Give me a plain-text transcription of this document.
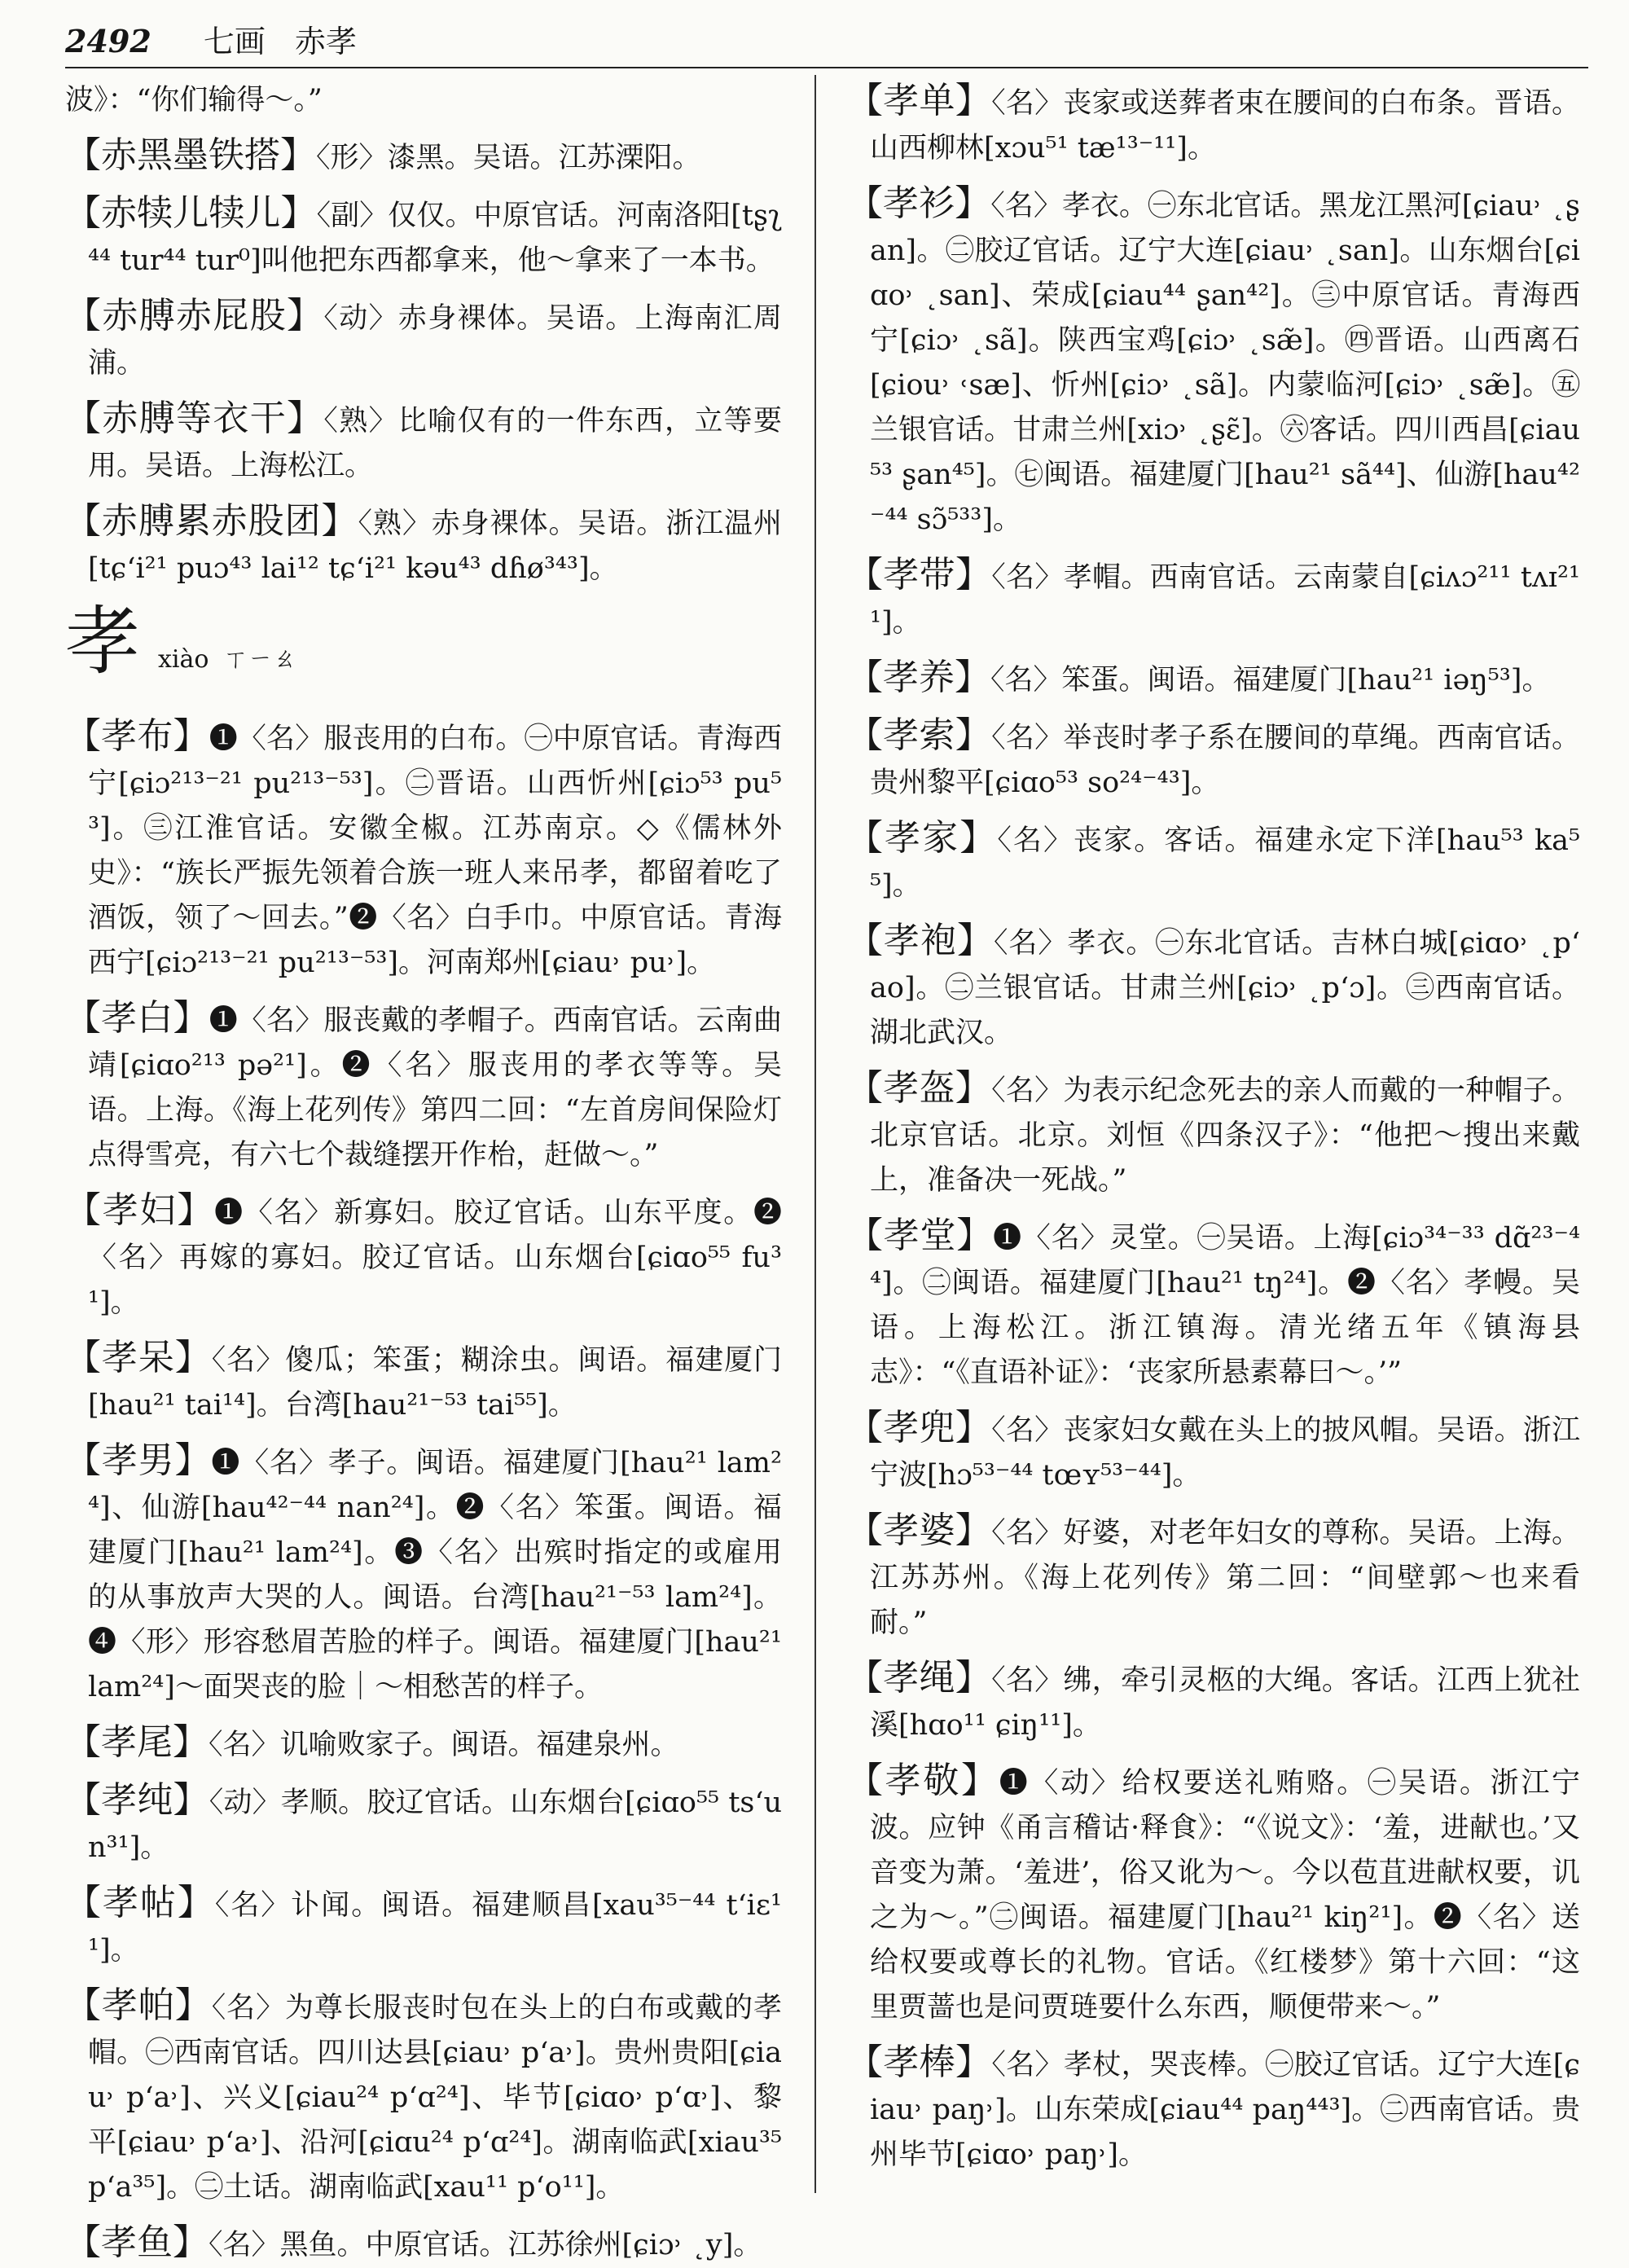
2492 七画 赤孝
波》：“你们输得～。”
【赤黑墨铁搭】〈形〉漆黑。吴语。江苏溧阳。
【赤犊儿犊儿】〈副〉仅仅。中原官话。河南洛阳[tʂʅ⁴⁴ tur⁴⁴ tur⁰]叫他把东西都拿来，他～拿来了一本书。
【赤膊赤屁股】〈动〉赤身裸体。吴语。上海南汇周浦。
【赤膊等衣干】〈熟〉比喻仅有的一件东西，立等要用。吴语。上海松江。
【赤膊累赤股团】〈熟〉赤身裸体。吴语。浙江温州[tɕʻi²¹ puɔ⁴³ lai¹² tɕʻi²¹ kəu⁴³ dɦø³⁴³]。
孝xiào ㄒㄧㄠ
【孝布】❶〈名〉服丧用的白布。㊀中原官话。青海西宁[ɕiɔ²¹³⁻²¹ pu²¹³⁻⁵³]。㊁晋语。山西忻州[ɕiɔ⁵³ pu⁵³]。㊂江淮官话。安徽全椒。江苏南京。◇《儒林外史》：“族长严振先领着合族一班人来吊孝，都留着吃了酒饭，领了～回去。”❷〈名〉白手巾。中原官话。青海西宁[ɕiɔ²¹³⁻²¹ pu²¹³⁻⁵³]。河南郑州[ɕiau˒ pu˒]。
【孝白】❶〈名〉服丧戴的孝帽子。西南官话。云南曲靖[ɕiɑo²¹³ pə²¹]。❷〈名〉服丧用的孝衣等等。吴语。上海。《海上花列传》第四二回：“左首房间保险灯点得雪亮，有六七个裁缝摆开作枱，赶做～。”
【孝妇】❶〈名〉新寡妇。胶辽官话。山东平度。❷〈名〉再嫁的寡妇。胶辽官话。山东烟台[ɕiɑo⁵⁵ fu³¹]。
【孝呆】〈名〉傻瓜；笨蛋；糊涂虫。闽语。福建厦门[hau²¹ tai¹⁴]。台湾[hau²¹⁻⁵³ tai⁵⁵]。
【孝男】❶〈名〉孝子。闽语。福建厦门[hau²¹ lam²⁴]、仙游[hau⁴²⁻⁴⁴ nan²⁴]。❷〈名〉笨蛋。闽语。福建厦门[hau²¹ lam²⁴]。❸〈名〉出殡时指定的或雇用的从事放声大哭的人。闽语。台湾[hau²¹⁻⁵³ lam²⁴]。❹〈形〉形容愁眉苦脸的样子。闽语。福建厦门[hau²¹ lam²⁴]～面哭丧的脸｜～相愁苦的样子。
【孝尾】〈名〉讥喻败家子。闽语。福建泉州。
【孝纯】〈动〉孝顺。胶辽官话。山东烟台[ɕiɑo⁵⁵ tsʻun³¹]。
【孝帖】〈名〉讣闻。闽语。福建顺昌[xau³⁵⁻⁴⁴ tʻiɛ¹¹]。
【孝帕】〈名〉为尊长服丧时包在头上的白布或戴的孝帽。㊀西南官话。四川达县[ɕiau˒ pʻa˒]。贵州贵阳[ɕiau˒ pʻa˒]、兴义[ɕiau²⁴ pʻɑ²⁴]、毕节[ɕiɑo˒ pʻɑ˒]、黎平[ɕiau˒ pʻa˒]、沿河[ɕiɑu²⁴ pʻɑ²⁴]。湖南临武[xiau³⁵ pʻa³⁵]。㊁土话。湖南临武[xau¹¹ pʻo¹¹]。
【孝鱼】〈名〉黑鱼。中原官话。江苏徐州[ɕiɔ˒ ˛y]。
【孝单】〈名〉丧家或送葬者束在腰间的白布条。晋语。山西柳林[xɔu⁵¹ tæ¹³⁻¹¹]。
【孝衫】〈名〉孝衣。㊀东北官话。黑龙江黑河[ɕiau˒ ˛ʂan]。㊁胶辽官话。辽宁大连[ɕiau˒ ˛san]。山东烟台[ɕiɑo˒ ˛san]、荣成[ɕiau⁴⁴ ʂan⁴²]。㊂中原官话。青海西宁[ɕiɔ˒ ˛sã]。陕西宝鸡[ɕiɔ˒ ˛sæ̃]。㊃晋语。山西离石[ɕiou˒ ˓sæ]、忻州[ɕiɔ˒ ˛sã]。内蒙临河[ɕiɔ˒ ˛sæ̃]。㊄兰银官话。甘肃兰州[xiɔ˒ ˛ʂɛ̃]。㊅客话。四川西昌[ɕiau⁵³ ʂan⁴⁵]。㊆闽语。福建厦门[hau²¹ sã⁴⁴]、仙游[hau⁴²⁻⁴⁴ sɔ̃⁵³³]。
【孝带】〈名〉孝帽。西南官话。云南蒙自[ɕiʌɔ²¹¹ tʌɪ²¹¹]。
【孝养】〈名〉笨蛋。闽语。福建厦门[hau²¹ iəŋ⁵³]。
【孝索】〈名〉举丧时孝子系在腰间的草绳。西南官话。贵州黎平[ɕiɑo⁵³ so²⁴⁻⁴³]。
【孝家】〈名〉丧家。客话。福建永定下洋[hau⁵³ ka⁵⁵]。
【孝袍】〈名〉孝衣。㊀东北官话。吉林白城[ɕiɑo˒ ˛pʻao]。㊁兰银官话。甘肃兰州[ɕiɔ˒ ˛pʻɔ]。㊂西南官话。湖北武汉。
【孝盔】〈名〉为表示纪念死去的亲人而戴的一种帽子。北京官话。北京。刘恒《四条汉子》：“他把～搜出来戴上，准备决一死战。”
【孝堂】❶〈名〉灵堂。㊀吴语。上海[ɕiɔ³⁴⁻³³ dɑ̃²³⁻⁴⁴]。㊁闽语。福建厦门[hau²¹ tŋ²⁴]。❷〈名〉孝幔。吴语。上海松江。浙江镇海。清光绪五年《镇海县志》：“《直语补证》：‘丧家所悬素幕曰～。’”
【孝兜】〈名〉丧家妇女戴在头上的披风帽。吴语。浙江宁波[hɔ⁵³⁻⁴⁴ tœʏ⁵³⁻⁴⁴]。
【孝婆】〈名〉好婆，对老年妇女的尊称。吴语。上海。江苏苏州。《海上花列传》第二回：“间壁郭～也来看耐。”
【孝绳】〈名〉绋，牵引灵柩的大绳。客话。江西上犹社溪[hɑo¹¹ ɕiŋ¹¹]。
【孝敬】❶〈动〉给权要送礼贿赂。㊀吴语。浙江宁波。应钟《甬言稽诂·释食》：“《说文》：‘羞，进献也。’又音变为萧。‘羞进’，俗又讹为～。今以苞苴进献权要，讥之为～。”㊁闽语。福建厦门[hau²¹ kiŋ²¹]。❷〈名〉送给权要或尊长的礼物。官话。《红楼梦》第十六回：“这里贾蔷也是问贾琏要什么东西，顺便带来～。”
【孝棒】〈名〉孝杖，哭丧棒。㊀胶辽官话。辽宁大连[ɕiau˒ paŋ˒]。山东荣成[ɕiau⁴⁴ paŋ⁴⁴³]。㊁西南官话。贵州毕节[ɕiɑo˒ paŋ˒]。
